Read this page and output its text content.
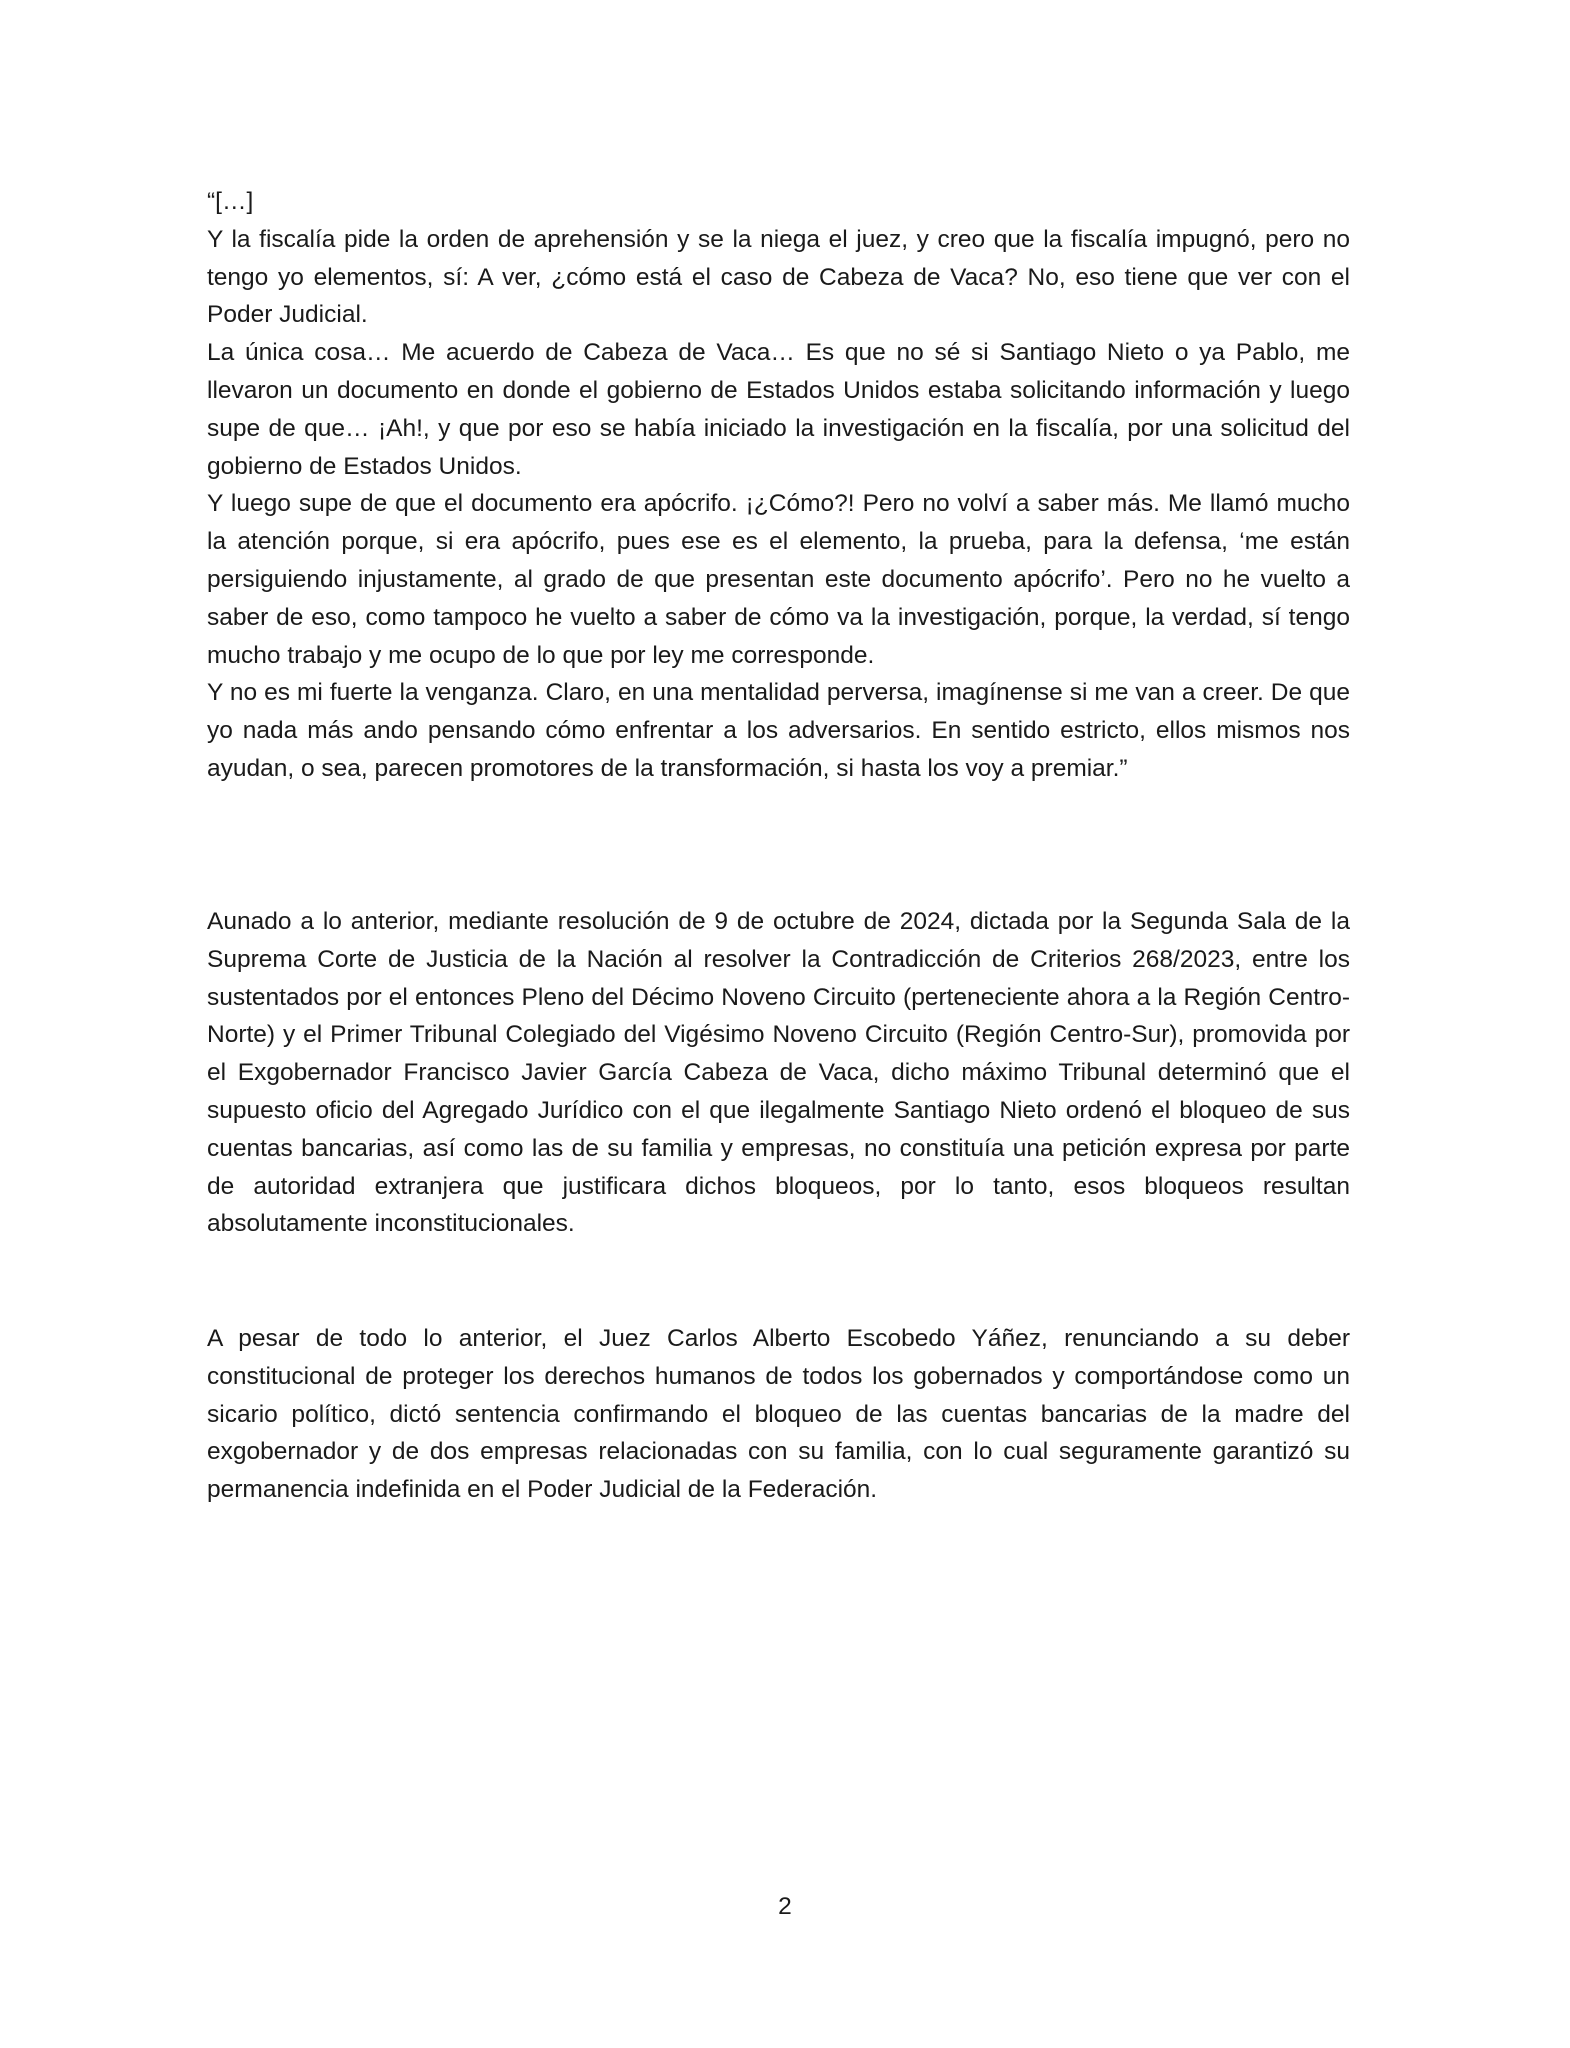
“[…]

Y la fiscalía pide la orden de aprehensión y se la niega el juez, y creo que la fiscalía impugnó, pero no tengo yo elementos, sí: A ver, ¿cómo está el caso de Cabeza de Vaca? No, eso tiene que ver con el Poder Judicial.

La única cosa… Me acuerdo de Cabeza de Vaca… Es que no sé si Santiago Nieto o ya Pablo, me llevaron un documento en donde el gobierno de Estados Unidos estaba solicitando información y luego supe de que… ¡Ah!, y que por eso se había iniciado la investigación en la fiscalía, por una solicitud del gobierno de Estados Unidos.

Y luego supe de que el documento era apócrifo. ¡¿Cómo?! Pero no volví a saber más. Me llamó mucho la atención porque, si era apócrifo, pues ese es el elemento, la prueba, para la defensa, ‘me están persiguiendo injustamente, al grado de que presentan este documento apócrifo’. Pero no he vuelto a saber de eso, como tampoco he vuelto a saber de cómo va la investigación, porque, la verdad, sí tengo mucho trabajo y me ocupo de lo que por ley me corresponde.

Y no es mi fuerte la venganza. Claro, en una mentalidad perversa, imagínense si me van a creer. De que yo nada más ando pensando cómo enfrentar a los adversarios. En sentido estricto, ellos mismos nos ayudan, o sea, parecen promotores de la transformación, si hasta los voy a premiar.”

Aunado a lo anterior, mediante resolución de 9 de octubre de 2024, dictada por la Segunda Sala de la Suprema Corte de Justicia de la Nación al resolver la Contradicción de Criterios 268/2023, entre los sustentados por el entonces Pleno del Décimo Noveno Circuito (perteneciente ahora a la Región Centro-Norte) y el Primer Tribunal Colegiado del Vigésimo Noveno Circuito (Región Centro-Sur), promovida por el Exgobernador Francisco Javier García Cabeza de Vaca, dicho máximo Tribunal determinó que el supuesto oficio del Agregado Jurídico con el que ilegalmente Santiago Nieto ordenó el bloqueo de sus cuentas bancarias, así como las de su familia y empresas, no constituía una petición expresa por parte de autoridad extranjera que justificara dichos bloqueos, por lo tanto, esos bloqueos resultan absolutamente inconstitucionales.

A pesar de todo lo anterior, el Juez Carlos Alberto Escobedo Yáñez, renunciando a su deber constitucional de proteger los derechos humanos de todos los gobernados y comportándose como un sicario político, dictó sentencia confirmando el bloqueo de las cuentas bancarias de la madre del exgobernador y de dos empresas relacionadas con su familia, con lo cual seguramente garantizó su permanencia indefinida en el Poder Judicial de la Federación.

2
